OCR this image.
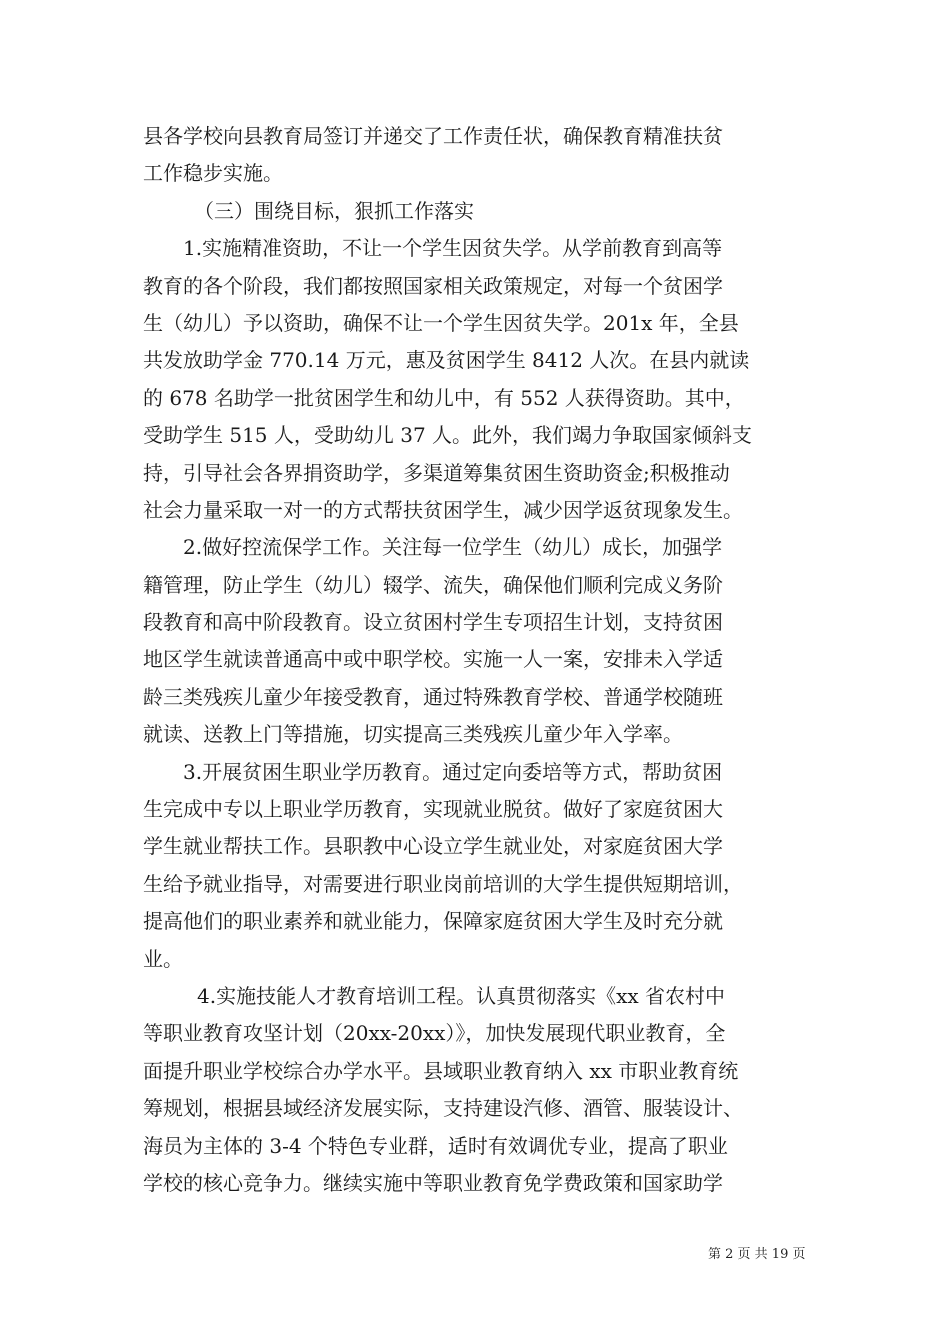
县各学校向县教育局签订并递交了工作责任状，确保教育精准扶贫
工作稳步实施。
（三）围绕目标，狠抓工作落实
1.实施精准资助，不让一个学生因贫失学。从学前教育到高等
教育的各个阶段，我们都按照国家相关政策规定，对每一个贫困学
生（幼儿）予以资助，确保不让一个学生因贫失学。201x 年，全县
共发放助学金 770.14 万元，惠及贫困学生 8412 人次。在县内就读
的 678 名助学一批贫困学生和幼儿中，有 552 人获得资助。其中，
受助学生 515 人，受助幼儿 37 人。此外，我们竭力争取国家倾斜支
持，引导社会各界捐资助学，多渠道筹集贫困生资助资金;积极推动
社会力量采取一对一的方式帮扶贫困学生，减少因学返贫现象发生。
2.做好控流保学工作。关注每一位学生（幼儿）成长，加强学
籍管理，防止学生（幼儿）辍学、流失，确保他们顺利完成义务阶
段教育和高中阶段教育。设立贫困村学生专项招生计划，支持贫困
地区学生就读普通高中或中职学校。实施一人一案，安排未入学适
龄三类残疾儿童少年接受教育，通过特殊教育学校、普通学校随班
就读、送教上门等措施，切实提高三类残疾儿童少年入学率。
3.开展贫困生职业学历教育。通过定向委培等方式，帮助贫困
生完成中专以上职业学历教育，实现就业脱贫。做好了家庭贫困大
学生就业帮扶工作。县职教中心设立学生就业处，对家庭贫困大学
生给予就业指导，对需要进行职业岗前培训的大学生提供短期培训，
提高他们的职业素养和就业能力，保障家庭贫困大学生及时充分就
业。
4.实施技能人才教育培训工程。认真贯彻落实《xx 省农村中
等职业教育攻坚计划（20xx-20xx）》，加快发展现代职业教育，全
面提升职业学校综合办学水平。县域职业教育纳入 xx 市职业教育统
筹规划，根据县域经济发展实际，支持建设汽修、酒管、服装设计、
海员为主体的 3-4 个特色专业群，适时有效调优专业，提高了职业
学校的核心竞争力。继续实施中等职业教育免学费政策和国家助学
第 2 页 共 19 页
